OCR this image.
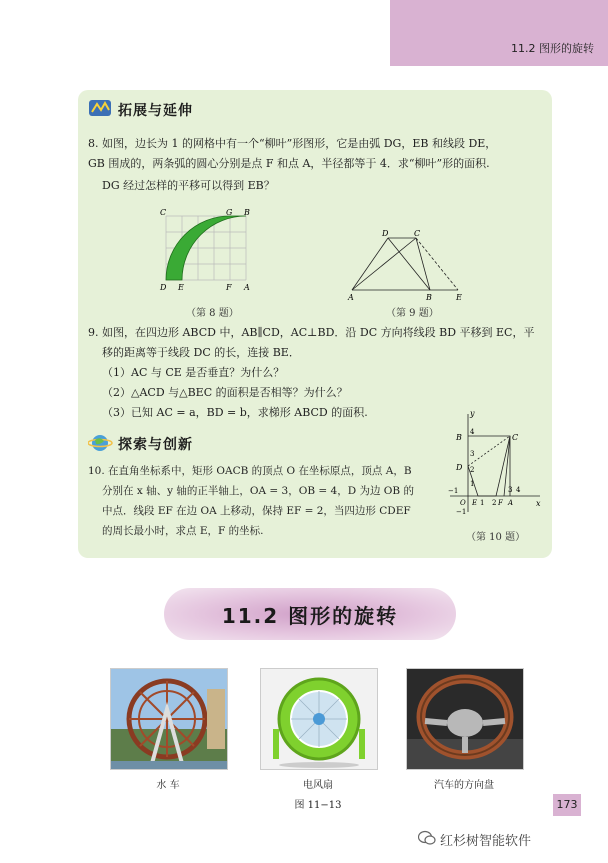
11.2 图形的旋转
拓展与延伸
8. 如图，边长为 1 的网格中有一个“柳叶”形图形，它是由弧 DG，EB 和线段 DE，
GB 围成的，两条弧的圆心分别是点 F 和点 A，半径都等于 4．求“柳叶”形的面积.
DG 经过怎样的平移可以得到 EB？
C	G B
D E	F A
（第 8 题）
D	C
A	B	E
（第 9 题）
9. 如图，在四边形 ABCD 中，AB∥CD，AC⊥BD．沿 DC 方向将线段 BD 平移到 EC，平
移的距离等于线段 DC 的长，连接 BE．
（1）AC 与 CE 是否垂直？为什么？
（2）△ACD 与△BEC 的面积是否相等？为什么？
（3）已知 AC = a，BD = b，求梯形 ABCD 的面积.
探索与创新
10. 在直角坐标系中，矩形 OACB 的顶点 O 在坐标原点，顶点 A，B
分别在 x 轴、y 轴的正半轴上，OA = 3，OB = 4，D 为边 OB 的
中点．线段 EF 在边 OA 上移动，保持 EF = 2，当四边形 CDEF
的周长最小时，求点 E，F 的坐标.
y
x
B	C
D
4
3
2
1
−1
−1
O E 1 2 F A
3 4
（第 10 题）
11.2 图形的旋转
水 车	电风扇	汽车的方向盘
图 11−13	173
红杉树智能软件
